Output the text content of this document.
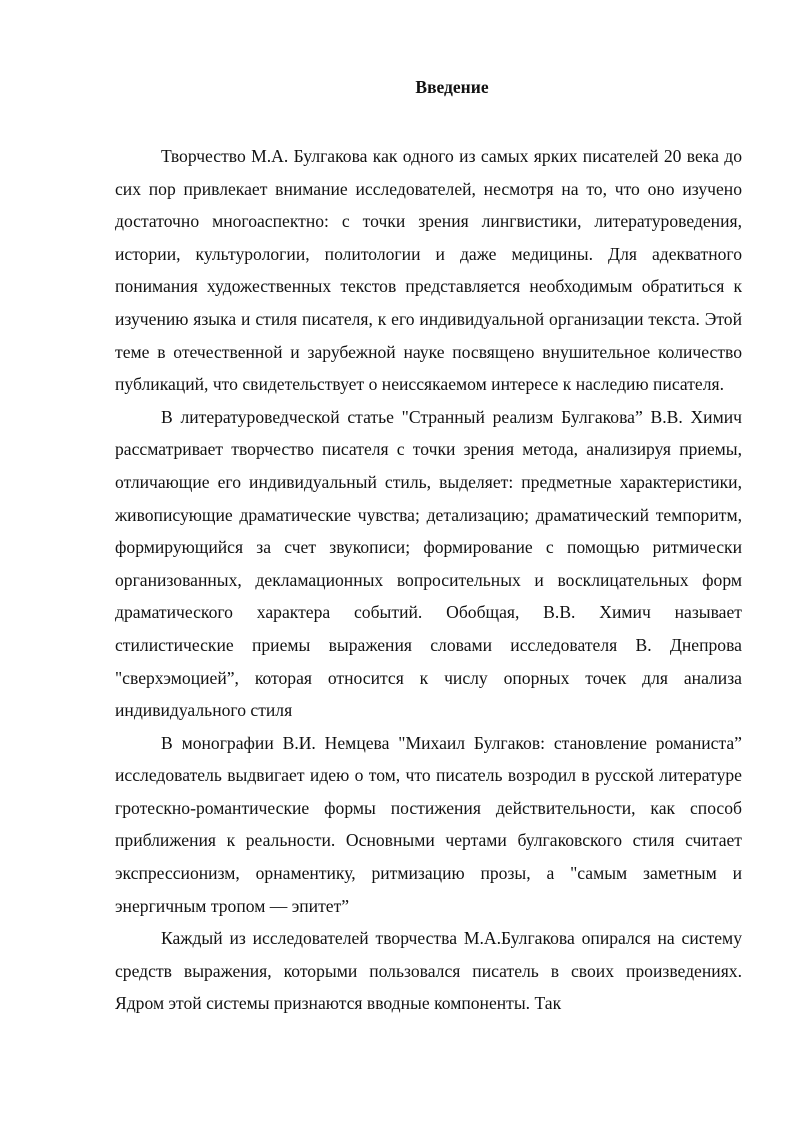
Введение

Творчество М.А. Булгакова как одного из самых ярких писателей 20 века до сих пор привлекает внимание исследователей, несмотря на то, что оно изучено достаточно многоаспектно: с точки зрения лингвистики, литературоведения, истории, культурологии, политологии и даже медицины. Для адекватного понимания художественных текстов представляется необходимым обратиться к изучению языка и стиля писателя, к его индивидуальной организации текста. Этой теме в отечественной и зарубежной науке посвящено внушительное количество публикаций, что свидетельствует о неиссякаемом интересе к наследию писателя.

В литературоведческой статье "Странный реализм Булгакова” В.В. Химич рассматривает творчество писателя с точки зрения метода, анализируя приемы, отличающие его индивидуальный стиль, выделяет: предметные характеристики, живописующие драматические чувства; детализацию; драматический темпоритм, формирующийся за счет звукописи; формирование с помощью ритмически организованных, декламационных вопросительных и восклицательных форм драматического характера событий. Обобщая, В.В. Химич называет стилистические приемы выражения словами исследователя В. Днепрова "сверхэмоцией”, которая относится к числу опорных точек для анализа индивидуального стиля

В монографии В.И. Немцева "Михаил Булгаков: становление романиста” исследователь выдвигает идею о том, что писатель возродил в русской литературе гротескно-романтические формы постижения действительности, как способ приближения к реальности. Основными чертами булгаковского стиля считает экспрессионизм, орнаментику, ритмизацию прозы, а "самым заметным и энергичным тропом — эпитет”

Каждый из исследователей творчества М.А.Булгакова опирался на систему средств выражения, которыми пользовался писатель в своих произведениях. Ядром этой системы признаются вводные компоненты. Так
